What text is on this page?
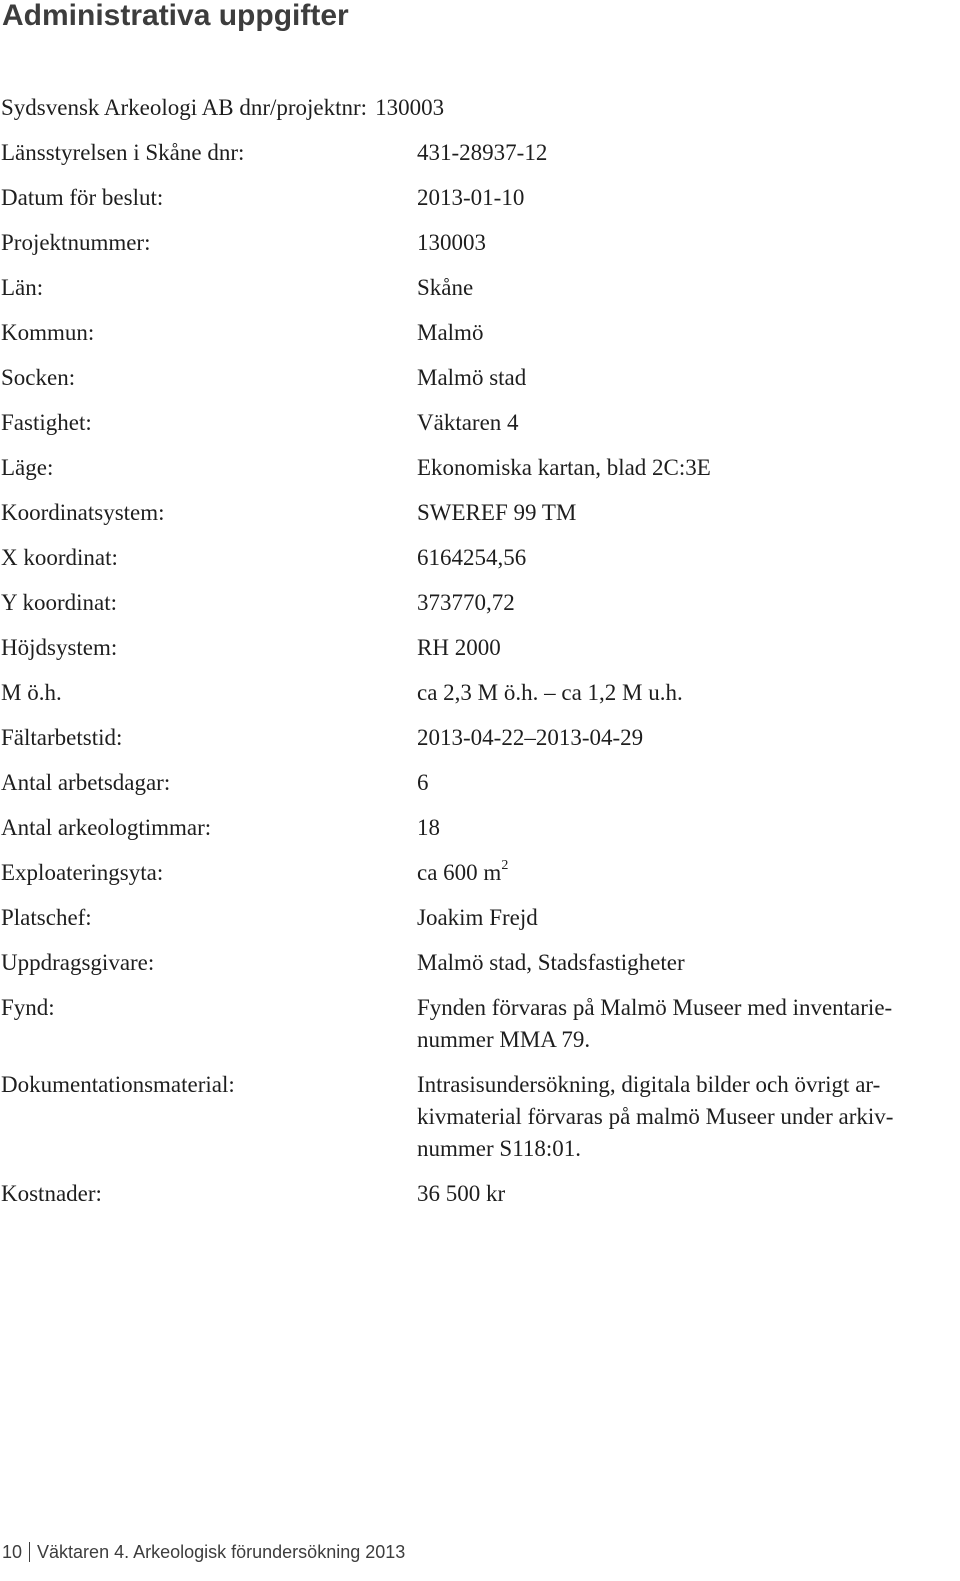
Administrativa uppgifter
Sydsvensk Arkeologi AB dnr/projektnr: 130003
Länsstyrelsen i Skåne dnr:	431-28937-12
Datum för beslut:	2013-01-10
Projektnummer:	130003
Län:	Skåne
Kommun:	Malmö
Socken:	Malmö stad
Fastighet:	Väktaren 4
Läge:	Ekonomiska kartan, blad 2C:3E
Koordinatsystem:	SWEREF 99 TM
X koordinat:	6164254,56
Y koordinat:	373770,72
Höjdsystem:	RH 2000
M ö.h.	ca 2,3 M ö.h. – ca 1,2 M u.h.
Fältarbetstid:	2013-04-22–2013-04-29
Antal arbetsdagar:	6
Antal arkeologtimmar:	18
Exploateringsyta:	ca 600 $m^2$
Platschef:	Joakim Frejd
Uppdragsgivare:	Malmö stad, Stadsfastigheter
Fynd:	Fynden förvaras på Malmö Museer med inventarie-
nummer MMA 79.
Dokumentationsmaterial:	Intrasisundersökning, digitala bilder och övrigt ar-
kivmaterial förvaras på malmö Museer under arkiv-
nummer S118:01.
Kostnader:	36 500 kr
10 Väktaren 4. Arkeologisk förundersökning 2013
